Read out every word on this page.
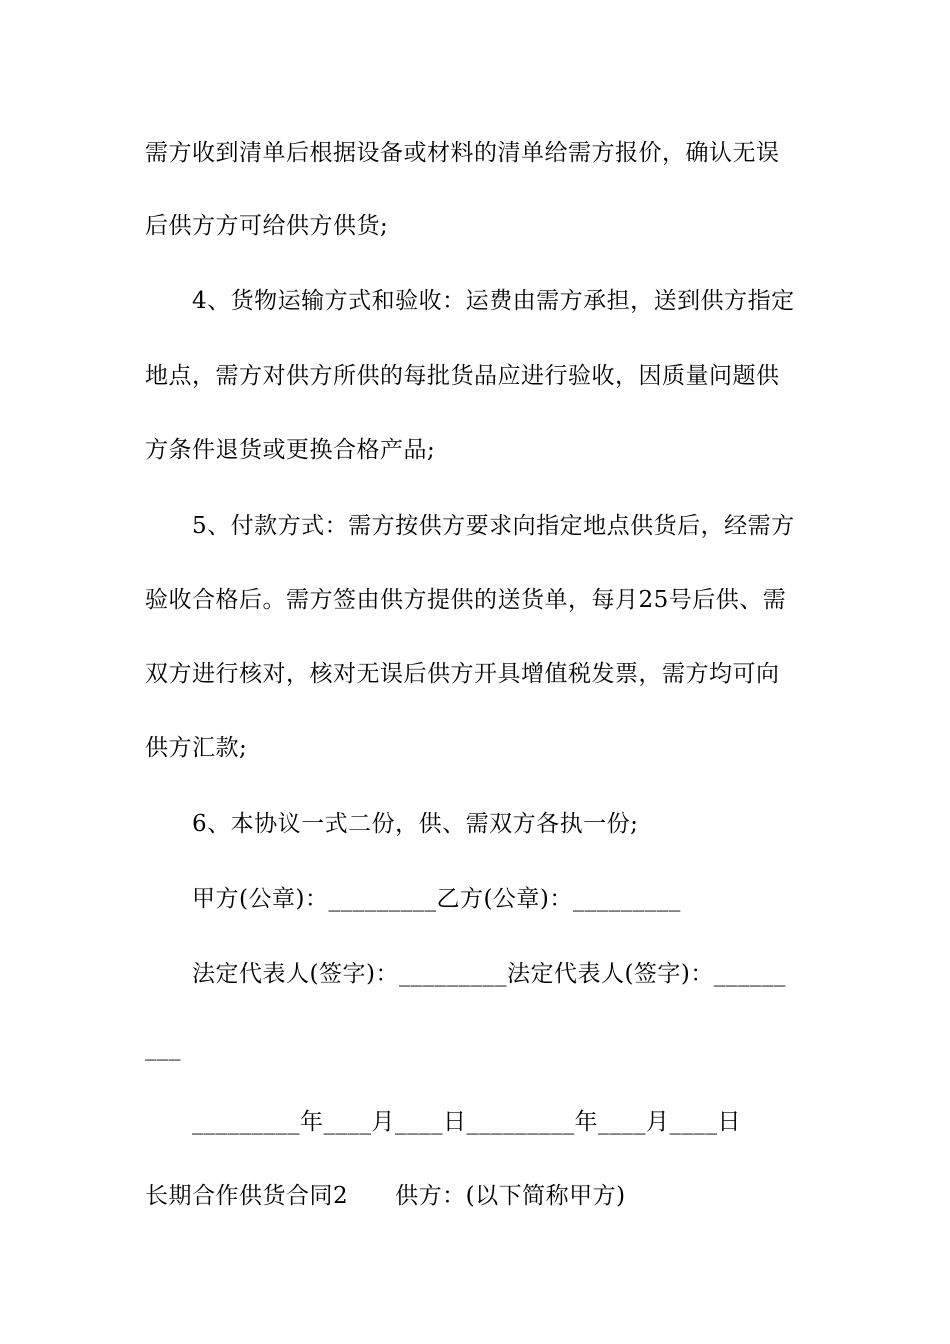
需方收到清单后根据设备或材料的清单给需方报价，确认无误
后供方方可给供方供货;
4、货物运输方式和验收：运费由需方承担，送到供方指定
地点，需方对供方所供的每批货品应进行验收，因质量问题供
方条件退货或更换合格产品;
5、付款方式：需方按供方要求向指定地点供货后，经需方
验收合格后。需方签由供方提供的送货单，每月25号后供、需
双方进行核对，核对无误后供方开具增值税发票，需方均可向
供方汇款;
6、本协议一式二份，供、需双方各执一份;
甲方(公章)：_________乙方(公章)：_________
法定代表人(签字)：_________法定代表人(签字)：______
___
_________年____月____日_________年____月____日
长期合作供货合同2　　供方：(以下简称甲方)
